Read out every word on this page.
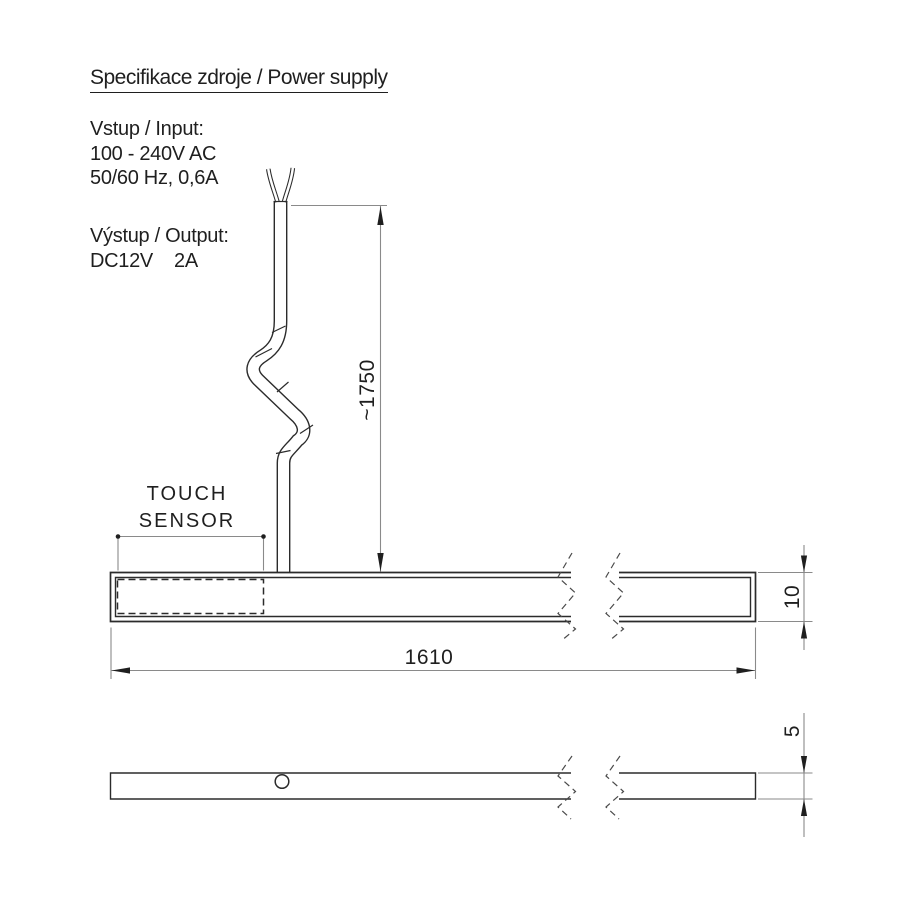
Specifikace zdroje / Power supply
Vstup / Input:
100 - 240V AC
50/60 Hz, 0,6A
Výstup / Output:
DC12V    2A
TOUCH
SENSOR
~1750
1610
10
5
